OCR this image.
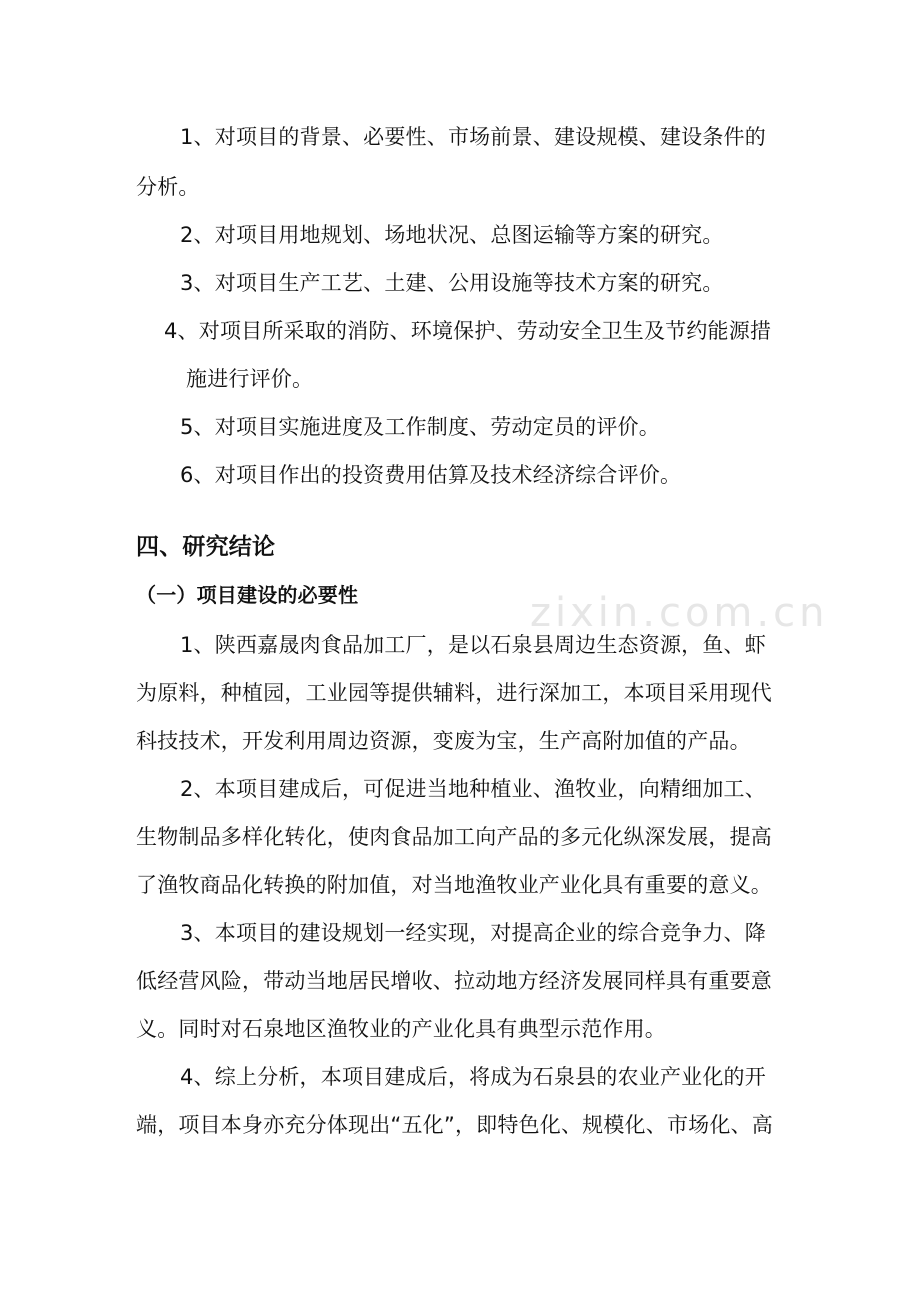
zixin.com.cn
1、对项目的背景、必要性、市场前景、建设规模、建设条件的
分析。
2、对项目用地规划、场地状况、总图运输等方案的研究。
3、对项目生产工艺、土建、公用设施等技术方案的研究。
4、对项目所采取的消防、环境保护、劳动安全卫生及节约能源措
施进行评价。
5、对项目实施进度及工作制度、劳动定员的评价。
6、对项目作出的投资费用估算及技术经济综合评价。
四、研究结论
（一）项目建设的必要性
1、陕西嘉晟肉食品加工厂，是以石泉县周边生态资源，鱼、虾
为原料，种植园，工业园等提供辅料，进行深加工，本项目采用现代
科技技术，开发利用周边资源，变废为宝，生产高附加值的产品。
2、本项目建成后，可促进当地种植业、渔牧业，向精细加工、
生物制品多样化转化，使肉食品加工向产品的多元化纵深发展，提高
了渔牧商品化转换的附加值，对当地渔牧业产业化具有重要的意义。
3、本项目的建设规划一经实现，对提高企业的综合竞争力、降
低经营风险，带动当地居民增收、拉动地方经济发展同样具有重要意
义。同时对石泉地区渔牧业的产业化具有典型示范作用。
4、综上分析，本项目建成后，将成为石泉县的农业产业化的开
端，项目本身亦充分体现出“五化”，即特色化、规模化、市场化、高
